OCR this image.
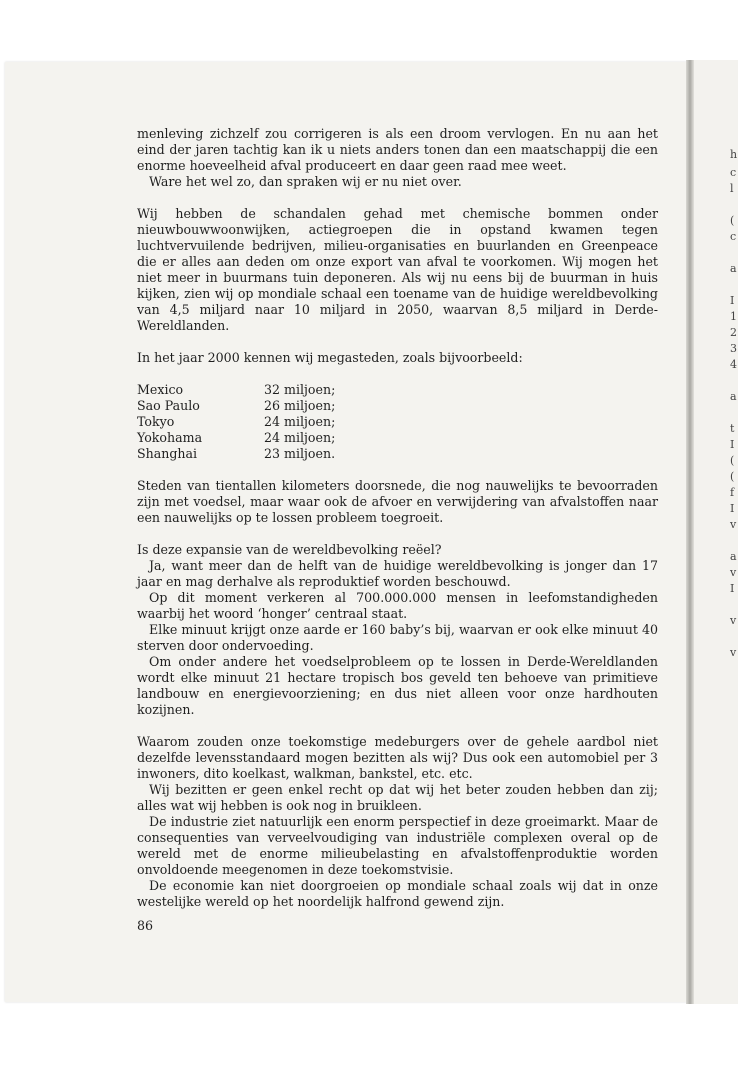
h
c
l
(
c
a
I
1
2
3
4
a
t
I
(
(
f
I
v
a
v
I
v
v

menleving zichzelf zou corrigeren is als een droom vervlogen. En nu aan het eind der jaren tachtig kan ik u niets anders tonen dan een maatschappij die een enorme hoeveelheid afval produceert en daar geen raad mee weet.

Ware het wel zo, dan spraken wij er nu niet over.

Wij hebben de schandalen gehad met chemische bommen onder nieuwbouwwoonwijken, actiegroepen die in opstand kwamen tegen luchtvervuilende bedrijven, milieu-organisaties en buurlanden en Greenpeace die er alles aan deden om onze export van afval te voorkomen. Wij mogen het niet meer in buurmans tuin deponeren. Als wij nu eens bij de buurman in huis kijken, zien wij op mondiale schaal een toename van de huidige wereldbevolking van 4,5 miljard naar 10 miljard in 2050, waarvan 8,5 miljard in Derde-Wereldlanden.

In het jaar 2000 kennen wij megasteden, zoals bijvoorbeeld:

Mexico	32 miljoen;
Sao Paulo	26 miljoen;
Tokyo	24 miljoen;
Yokohama	24 miljoen;
Shanghai	23 miljoen.

Steden van tientallen kilometers doorsnede, die nog nauwelijks te bevoorraden zijn met voedsel, maar waar ook de afvoer en verwijdering van afvalstoffen naar een nauwelijks op te lossen probleem toegroeit.

Is deze expansie van de wereldbevolking reëel?

Ja, want meer dan de helft van de huidige wereldbevolking is jonger dan 17 jaar en mag derhalve als reproduktief worden beschouwd.

Op dit moment verkeren al 700.000.000 mensen in leefomstandigheden waarbij het woord ‘honger’ centraal staat.

Elke minuut krijgt onze aarde er 160 baby’s bij, waarvan er ook elke minuut 40 sterven door ondervoeding.

Om onder andere het voedselprobleem op te lossen in Derde-Wereldlanden wordt elke minuut 21 hectare tropisch bos geveld ten behoeve van primitieve landbouw en energievoorziening; en dus niet alleen voor onze hardhouten kozijnen.

Waarom zouden onze toekomstige medeburgers over de gehele aardbol niet dezelfde levensstandaard mogen bezitten als wij? Dus ook een automobiel per 3 inwoners, dito koelkast, walkman, bankstel, etc. etc.

Wij bezitten er geen enkel recht op dat wij het beter zouden hebben dan zij; alles wat wij hebben is ook nog in bruikleen.

De industrie ziet natuurlijk een enorm perspectief in deze groeimarkt. Maar de consequenties van verveelvoudiging van industriële complexen overal op de wereld met de enorme milieubelasting en afvalstoffenproduktie worden onvoldoende meegenomen in deze toekomstvisie.

De economie kan niet doorgroeien op mondiale schaal zoals wij dat in onze westelijke wereld op het noordelijk halfrond gewend zijn.

86
